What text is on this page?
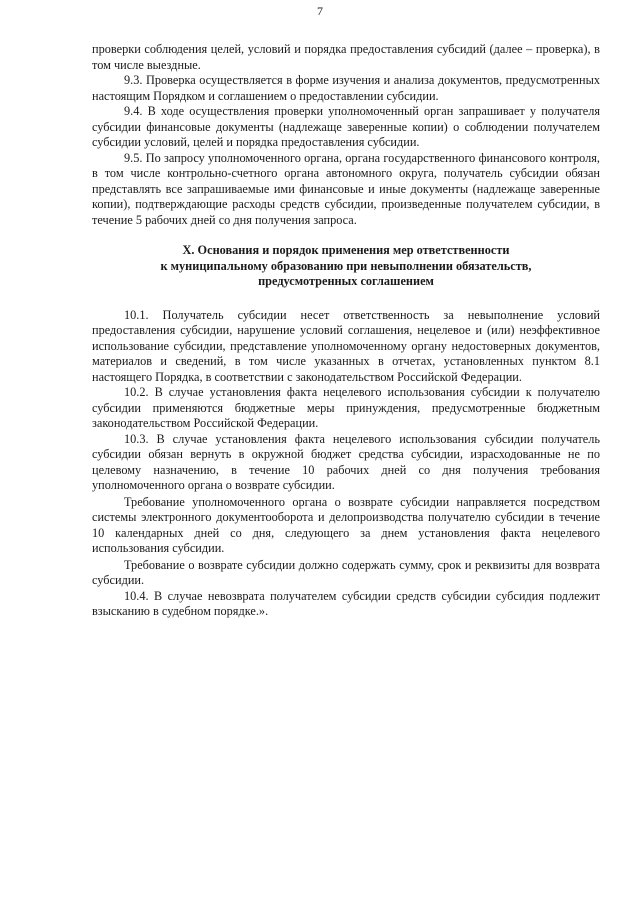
7

проверки соблюдения целей, условий и порядка предоставления субсидий (далее – проверка), в том числе выездные.

9.3. Проверка осуществляется в форме изучения и анализа документов, предусмотренных настоящим Порядком и соглашением о предоставлении субсидии.

9.4. В ходе осуществления проверки уполномоченный орган запрашивает у получателя субсидии финансовые документы (надлежаще заверенные копии) о соблюдении получателем субсидии условий, целей и порядка предоставления субсидии.

9.5. По запросу уполномоченного органа, органа государственного финансового контроля, в том числе контрольно-счетного органа автономного округа, получатель субсидии обязан представлять все запрашиваемые ими финансовые и иные документы (надлежаще заверенные копии), подтверждающие расходы средств субсидии, произведенные получателем субсидии, в течение 5 рабочих дней со дня получения запроса.

X. Основания и порядок применения мер ответственности
к муниципальному образованию при невыполнении обязательств,
предусмотренных соглашением

10.1. Получатель субсидии несет ответственность за невыполнение условий предоставления субсидии, нарушение условий соглашения, нецелевое и (или) неэффективное использование субсидии, представление уполномоченному органу недостоверных документов, материалов и сведений, в том числе указанных в отчетах, установленных пунктом 8.1 настоящего Порядка, в соответствии с законодательством Российской Федерации.

10.2. В случае установления факта нецелевого использования субсидии к получателю субсидии применяются бюджетные меры принуждения, предусмотренные бюджетным законодательством Российской Федерации.

10.3. В случае установления факта нецелевого использования субсидии получатель субсидии обязан вернуть в окружной бюджет средства субсидии, израсходованные не по целевому назначению, в течение 10 рабочих дней со дня получения требования уполномоченного органа о возврате субсидии.

Требование уполномоченного органа о возврате субсидии направляется посредством системы электронного документооборота и делопроизводства получателю субсидии в течение 10 календарных дней со дня, следующего за днем установления факта нецелевого использования субсидии.

Требование о возврате субсидии должно содержать сумму, срок и реквизиты для возврата субсидии.

10.4. В случае невозврата получателем субсидии средств субсидии субсидия подлежит взысканию в судебном порядке.».
